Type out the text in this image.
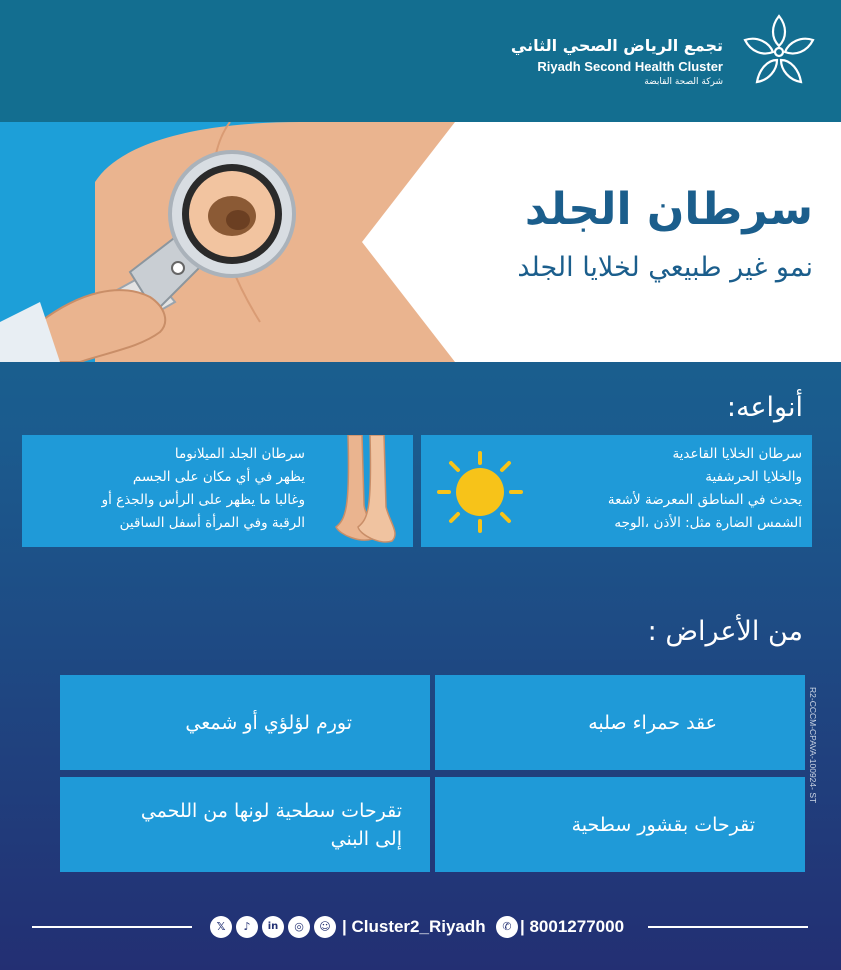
تجمع الرياض الصحي الثاني
Riyadh Second Health Cluster
شركة الصحة القابضة
سرطان الجلد
نمو غير طبيعي لخلايا الجلد
أنواعه:
سرطان الخلايا القاعدية
والخلايا الحرشفية
يحدث في المناطق المعرضة لأشعة
الشمس الضارة مثل: الأذن ،الوجه
سرطان الجلد الميلانوما
يظهر في أي مكان على الجسم
وغالبا ما يظهر على الرأس والجذع أو
الرقبة وفي المرأة أسفل الساقين
من الأعراض :
عقد حمراء صلبه
تورم لؤلؤي أو شمعي
تقرحات بقشور سطحية
تقرحات سطحية لونها من اللحمي
إلى البني
R2-CCCM-CPAVA-100924- ST
𝕏	♪	in	◎	☺ | Cluster2_Riyadh	✆ | 8001277000
